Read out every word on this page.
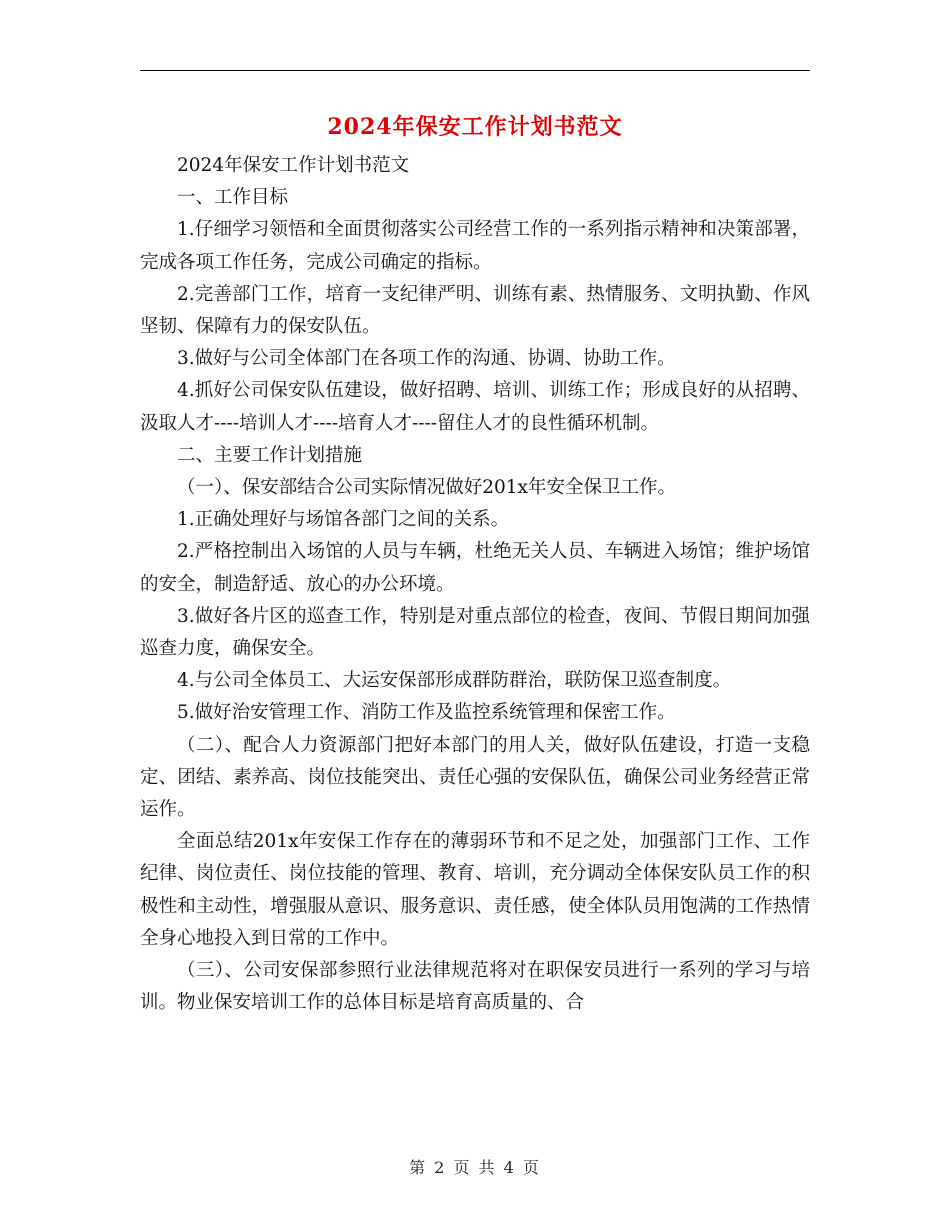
2024年保安工作计划书范文

2024年保安工作计划书范文

一、工作目标

1.仔细学习领悟和全面贯彻落实公司经营工作的一系列指示精神和决策部署，完成各项工作任务，完成公司确定的指标。

2.完善部门工作，培育一支纪律严明、训练有素、热情服务、文明执勤、作风坚韧、保障有力的保安队伍。

3.做好与公司全体部门在各项工作的沟通、协调、协助工作。

4.抓好公司保安队伍建设，做好招聘、培训、训练工作；形成良好的从招聘、汲取人才----培训人才----培育人才----留住人才的良性循环机制。

二、主要工作计划措施

（一）、保安部结合公司实际情况做好201x年安全保卫工作。

1.正确处理好与场馆各部门之间的关系。

2.严格控制出入场馆的人员与车辆，杜绝无关人员、车辆进入场馆；维护场馆的安全，制造舒适、放心的办公环境。

3.做好各片区的巡查工作，特别是对重点部位的检查，夜间、节假日期间加强巡查力度，确保安全。

4.与公司全体员工、大运安保部形成群防群治，联防保卫巡查制度。

5.做好治安管理工作、消防工作及监控系统管理和保密工作。

（二）、配合人力资源部门把好本部门的用人关，做好队伍建设，打造一支稳定、团结、素养高、岗位技能突出、责任心强的安保队伍，确保公司业务经营正常运作。

全面总结201x年安保工作存在的薄弱环节和不足之处，加强部门工作、工作纪律、岗位责任、岗位技能的管理、教育、培训，充分调动全体保安队员工作的积极性和主动性，增强服从意识、服务意识、责任感，使全体队员用饱满的工作热情全身心地投入到日常的工作中。

（三）、公司安保部参照行业法律规范将对在职保安员进行一系列的学习与培训。物业保安培训工作的总体目标是培育高质量的、合

第 2 页 共 4 页
